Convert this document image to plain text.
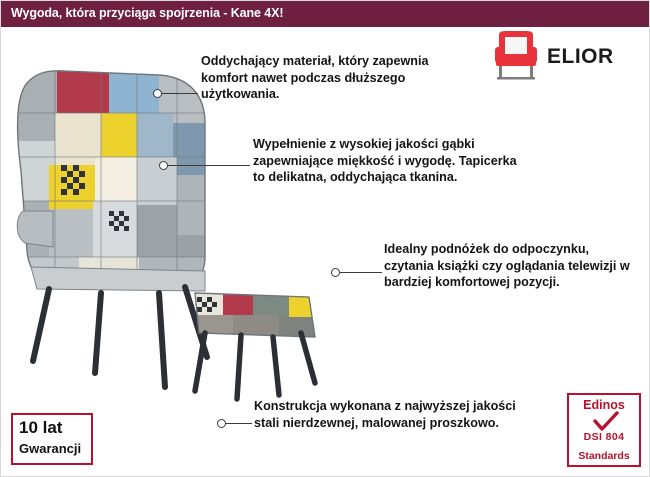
Wygoda, która przyciąga spojrzenia - Kane 4X!
ELIOR
Oddychający materiał, który zapewnia komfort nawet podczas dłuższego użytkowania.
Wypełnienie z wysokiej jakości gąbki zapewniające miękkość i wygodę. Tapicerka to delikatna, oddychająca tkanina.
Idealny podnóżek do odpoczynku, czytania książki czy oglądania telewizji w bardziej komfortowej pozycji.
Konstrukcja wykonana z najwyższej jakości stali nierdzewnej, malowanej proszkowo.
10 lat
Gwarancji
Edinos
DSI 804
Standards
